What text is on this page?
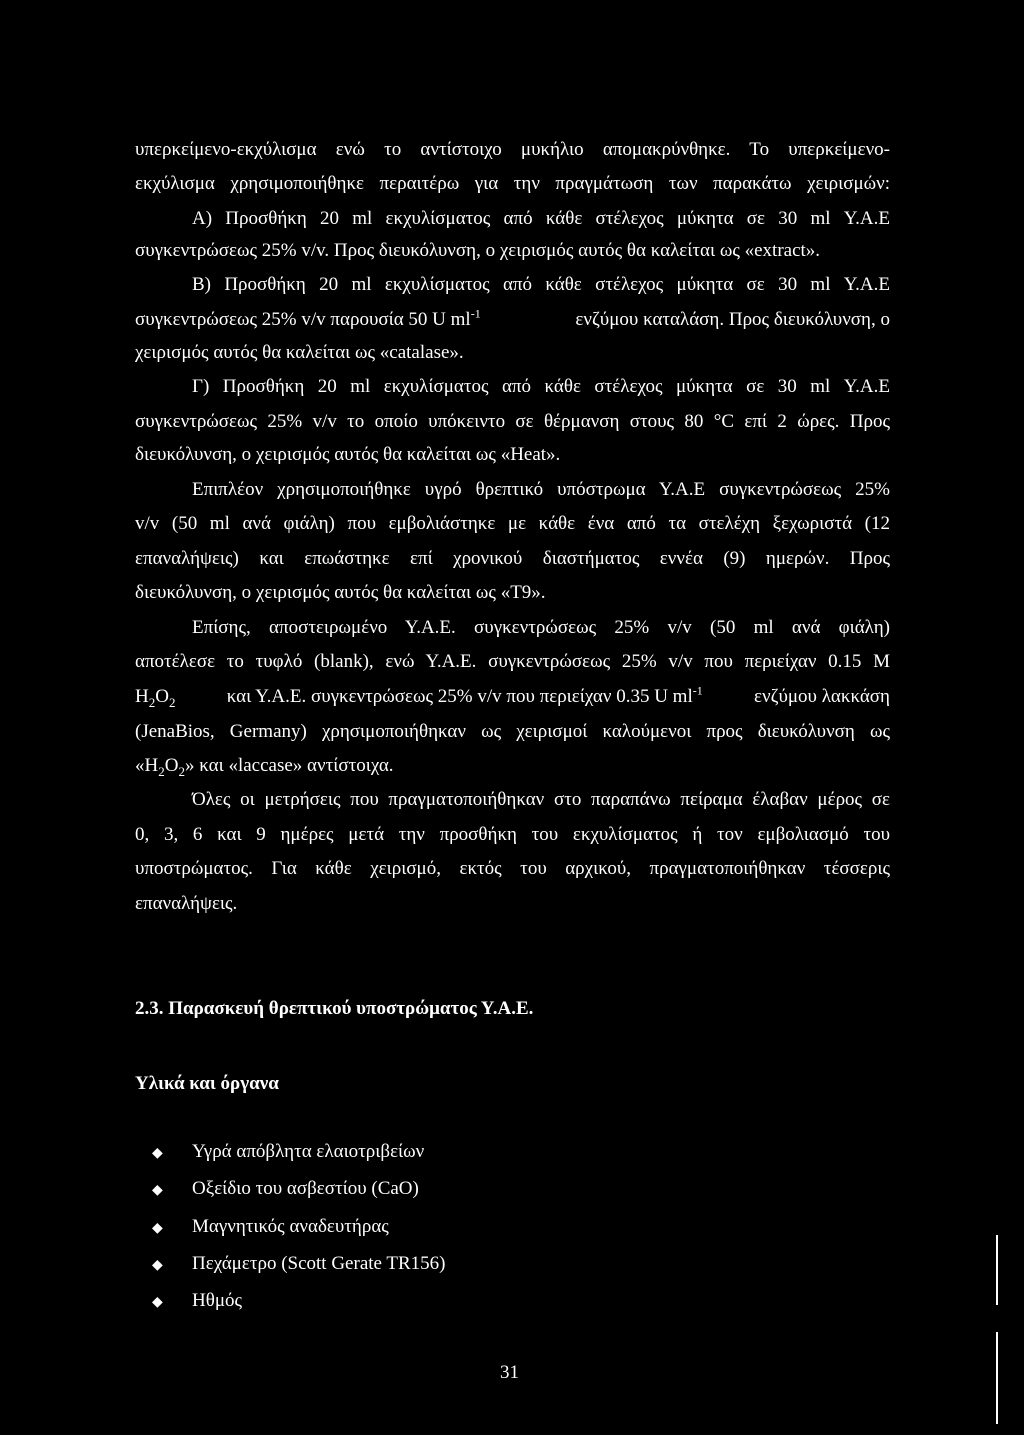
υπερκείμενο-εκχύλισμα ενώ το αντίστοιχο μυκήλιο απομακρύνθηκε. Το υπερκείμενο-
εκχύλισμα χρησιμοποιήθηκε περαιτέρω για την πραγμάτωση των παρακάτω χειρισμών:
Α) Προσθήκη 20 ml εκχυλίσματος από κάθε στέλεχος μύκητα σε 30 ml Υ.Α.Ε
συγκεντρώσεως 25% v/v. Προς διευκόλυνση, ο χειρισμός αυτός θα καλείται ως «extract».
Β) Προσθήκη 20 ml εκχυλίσματος από κάθε στέλεχος μύκητα σε 30 ml Υ.Α.Ε
συγκεντρώσεως 25% v/v παρουσία 50 U $ml^{-1}$	ενζύμου καταλάση. Προς διευκόλυνση, ο
χειρισμός αυτός θα καλείται ως «catalase».
Γ) Προσθήκη 20 ml εκχυλίσματος από κάθε στέλεχος μύκητα σε 30 ml Υ.Α.Ε
συγκεντρώσεως 25% v/v το οποίο υπόκειντο σε θέρμανση στους 80 °C επί 2 ώρες. Προς
διευκόλυνση, ο χειρισμός αυτός θα καλείται ως «Heat».
Επιπλέον χρησιμοποιήθηκε υγρό θρεπτικό υπόστρωμα Υ.Α.Ε συγκεντρώσεως 25%
v/v (50 ml ανά φιάλη) που εμβολιάστηκε με κάθε ένα από τα στελέχη ξεχωριστά (12
επαναλήψεις) και επωάστηκε επί χρονικού διαστήματος εννέα (9) ημερών. Προς
διευκόλυνση, ο χειρισμός αυτός θα καλείται ως «Τ9».
Επίσης, αποστειρωμένο Υ.Α.Ε. συγκεντρώσεως 25% v/v (50 ml ανά φιάλη)
αποτέλεσε το τυφλό (blank), ενώ Υ.Α.Ε. συγκεντρώσεως 25% v/v που περιείχαν 0.15 M
$H_2O_2$	και Υ.Α.Ε. συγκεντρώσεως 25% v/v που περιείχαν 0.35 U $ml^{-1}$	ενζύμου λακκάση
(JenaBios, Germany) χρησιμοποιήθηκαν ως χειρισμοί καλούμενοι προς διευκόλυνση ως
«$H_2O_2$» και «laccase» αντίστοιχα.
Όλες οι μετρήσεις που πραγματοποιήθηκαν στο παραπάνω πείραμα έλαβαν μέρος σε
0, 3, 6 και 9 ημέρες μετά την προσθήκη του εκχυλίσματος ή τον εμβολιασμό του
υποστρώματος. Για κάθε χειρισμό, εκτός του αρχικού, πραγματοποιήθηκαν τέσσερις
επαναλήψεις.
2.3. Παρασκευή θρεπτικού υποστρώματος Υ.Α.Ε.
Υλικά και όργανα
◆ Υγρά απόβλητα ελαιοτριβείων
◆ Οξείδιο του ασβεστίου (CaO)
◆ Μαγνητικός αναδευτήρας
◆ Πεχάμετρο (Scott Gerate TR156)
◆ Ηθμός
31
